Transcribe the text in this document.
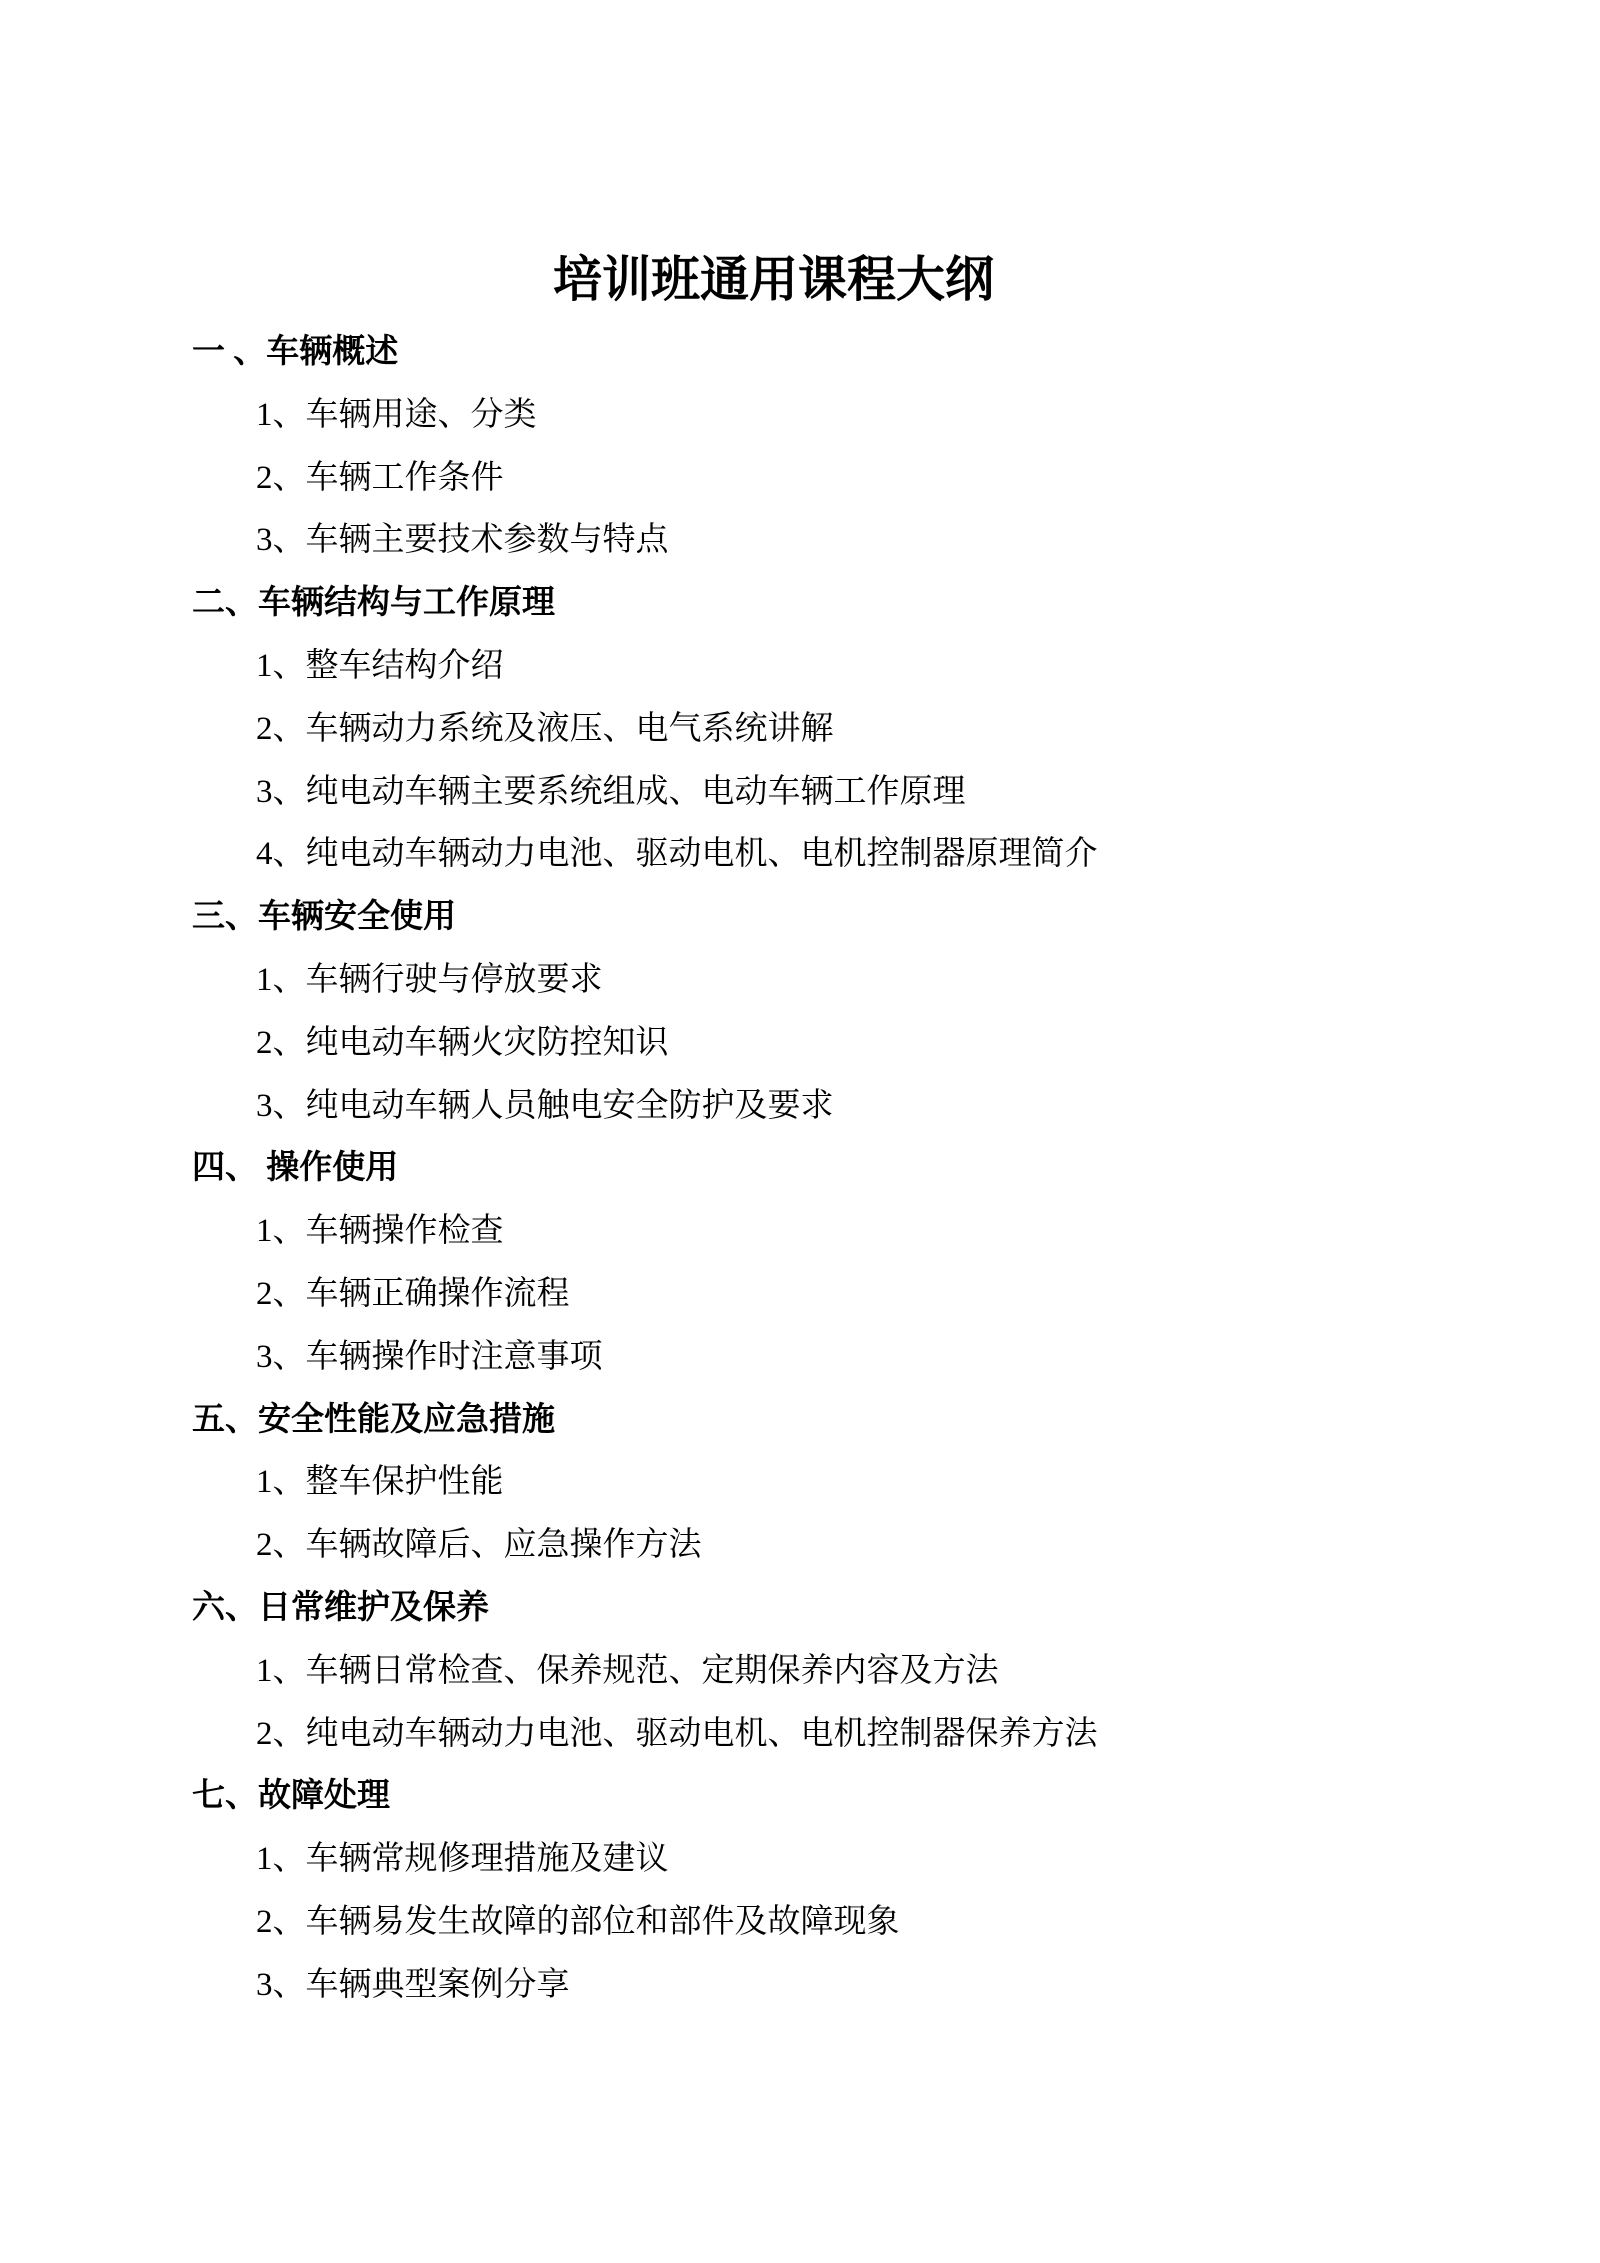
培训班通用课程大纲
一 、车辆概述
1、车辆用途、分类
2、车辆工作条件
3、车辆主要技术参数与特点
二、车辆结构与工作原理
1、整车结构介绍
2、车辆动力系统及液压、电气系统讲解
3、纯电动车辆主要系统组成、电动车辆工作原理
4、纯电动车辆动力电池、驱动电机、电机控制器原理简介
三、车辆安全使用
1、车辆行驶与停放要求
2、纯电动车辆火灾防控知识
3、纯电动车辆人员触电安全防护及要求
四、 操作使用
1、车辆操作检查
2、车辆正确操作流程
3、车辆操作时注意事项
五、安全性能及应急措施
1、整车保护性能
2、车辆故障后、应急操作方法
六、日常维护及保养
1、车辆日常检查、保养规范、定期保养内容及方法
2、纯电动车辆动力电池、驱动电机、电机控制器保养方法
七、故障处理
1、车辆常规修理措施及建议
2、车辆易发生故障的部位和部件及故障现象
3、车辆典型案例分享
